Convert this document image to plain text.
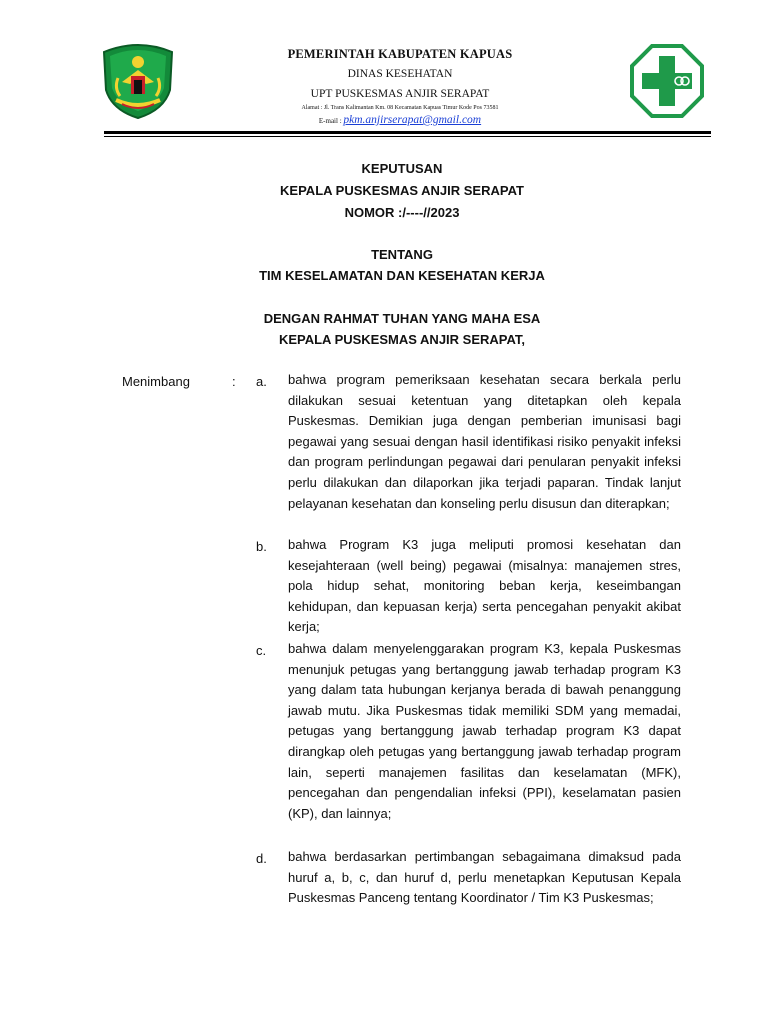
PEMERINTAH KABUPATEN KAPUAS
DINAS KESEHATAN
UPT PUSKESMAS ANJIR SERAPAT
Alamat : Jl. Trans Kalimantan Km. 08 Kecamatan Kapuas Timur Kode Pos 73581
E-mail : pkm.anjirserapat@gmail.com
KEPUTUSAN
KEPALA PUSKESMAS ANJIR SERAPAT
NOMOR :/----//2023
TENTANG
TIM KESELAMATAN DAN KESEHATAN KERJA
DENGAN RAHMAT TUHAN YANG MAHA ESA
KEPALA PUSKESMAS ANJIR SERAPAT,
Menimbang	: a. bahwa program pemeriksaan kesehatan secara berkala perlu dilakukan sesuai ketentuan yang ditetapkan oleh kepala Puskesmas. Demikian juga dengan pemberian imunisasi bagi pegawai yang sesuai dengan hasil identifikasi risiko penyakit infeksi dan program perlindungan pegawai dari penularan penyakit infeksi perlu dilakukan dan dilaporkan jika terjadi paparan. Tindak lanjut pelayanan kesehatan dan konseling perlu disusun dan diterapkan;
b. bahwa Program K3 juga meliputi promosi kesehatan dan kesejahteraan (well being) pegawai (misalnya: manajemen stres, pola hidup sehat, monitoring beban kerja, keseimbangan kehidupan, dan kepuasan kerja) serta pencegahan penyakit akibat kerja;
c. bahwa dalam menyelenggarakan program K3, kepala Puskesmas menunjuk petugas yang bertanggung jawab terhadap program K3 yang dalam tata hubungan kerjanya berada di bawah penanggung jawab mutu. Jika Puskesmas tidak memiliki SDM yang memadai, petugas yang bertanggung jawab terhadap program K3 dapat dirangkap oleh petugas yang bertanggung jawab terhadap program lain, seperti manajemen fasilitas dan keselamatan (MFK), pencegahan dan pengendalian infeksi (PPI), keselamatan pasien (KP), dan lainnya;
d. bahwa berdasarkan pertimbangan sebagaimana dimaksud pada huruf a, b, c, dan huruf d, perlu menetapkan Keputusan Kepala Puskesmas Panceng tentang Koordinator / Tim K3 Puskesmas;
